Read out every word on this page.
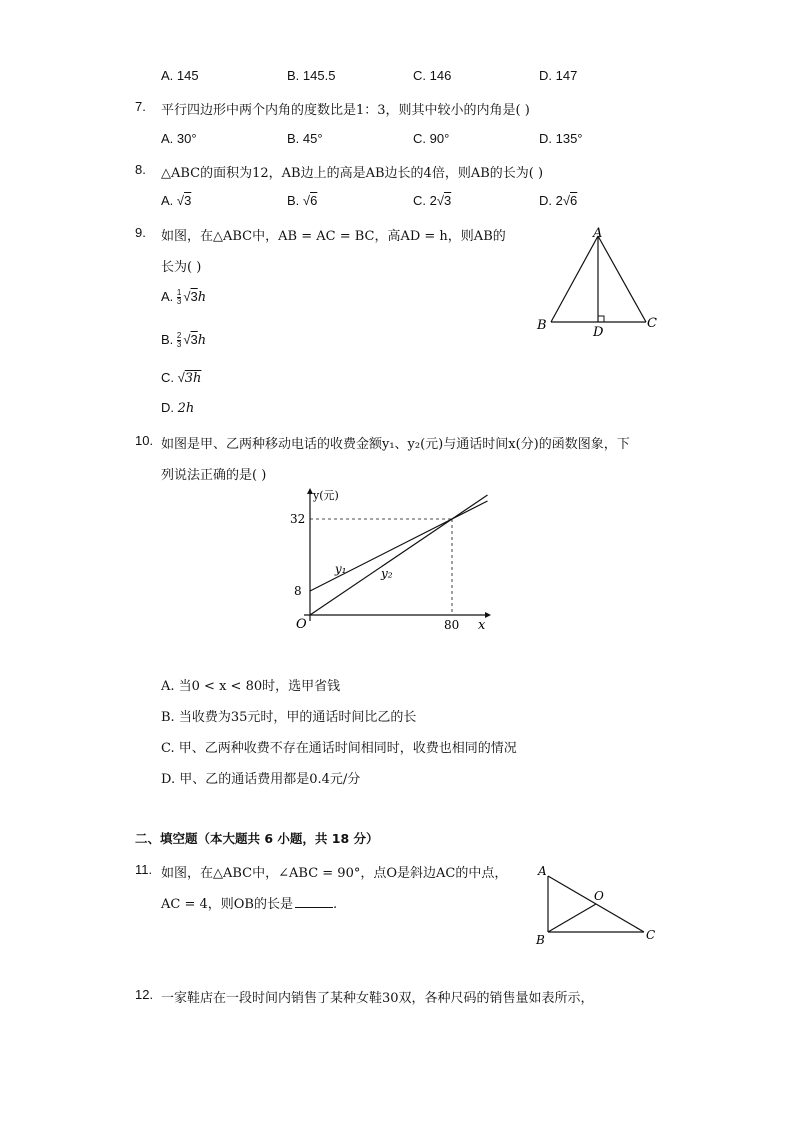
A. 145	B. 145.5	C. 146	D. 147
7. 平行四边形中两个内角的度数比是1：3，则其中较小的内角是( )
A. 30°	B. 45°	C. 90°	D. 135°
8. △ABC的面积为12，AB边上的高是AB边长的4倍，则AB的长为( )
A. √3	B. √6	C. 2√3	D. 2√6
9. 如图，在△ABC中，AB = AC = BC，高AD = h，则AB的
长为( )
A. $\frac{1}{3} √3h$
B. $\frac{2}{3} √3h$
C. √3h
D. 2h
A
B	C
D
10. 如图是甲、乙两种移动电话的收费金额y₁、y₂(元)与通话时间x(分)的函数图象，下
列说法正确的是( )
y(元)
x
O
8
32
80
y₁	y₂
A. 当0 < x < 80时，选甲省钱
B. 当收费为35元时，甲的通话时间比乙的长
C. 甲、乙两种收费不存在通话时间相同时，收费也相同的情况
D. 甲、乙的通话费用都是0.4元/分
二、填空题（本大题共 6 小题，共 18 分）
11. 如图，在△ABC中，∠ABC = 90°，点O是斜边AC的中点，
AC = 4，则OB的长是	.
A
O
B	C
12. 一家鞋店在一段时间内销售了某种女鞋30双，各种尺码的销售量如表所示，
